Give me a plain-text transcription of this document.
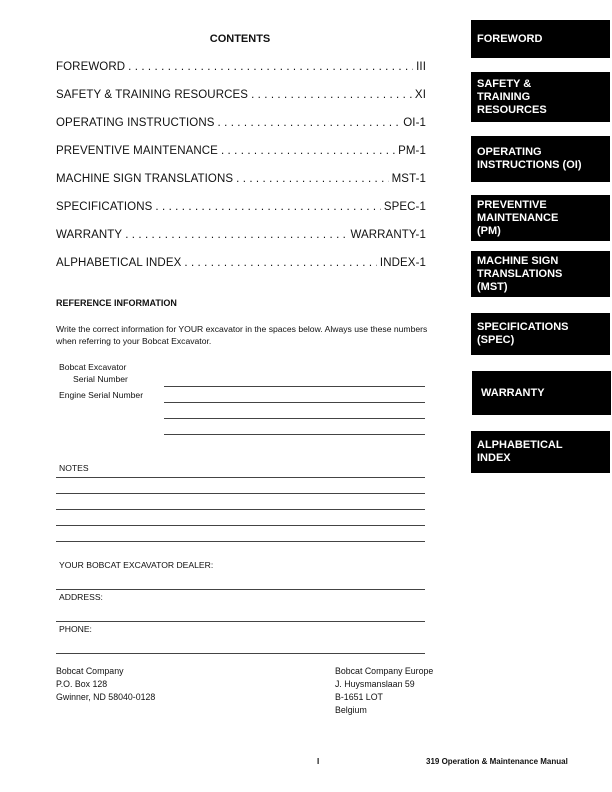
CONTENTS
FOREWORD . . .	III
SAFETY & TRAINING RESOURCES . . .	XI
OPERATING INSTRUCTIONS . . .	OI-1
PREVENTIVE MAINTENANCE . . .	PM-1
MACHINE SIGN TRANSLATIONS . . .	MST-1
SPECIFICATIONS . . .	SPEC-1
WARRANTY . . .	WARRANTY-1
ALPHABETICAL INDEX . . .	INDEX-1
REFERENCE INFORMATION
Write the correct information for YOUR excavator in the spaces below. Always use these numbers when referring to your Bobcat Excavator.
Bobcat Excavator
Serial Number
Engine Serial Number
NOTES
YOUR BOBCAT EXCAVATOR DEALER:
ADDRESS:
PHONE:
Bobcat Company
P.O. Box 128
Gwinner, ND 58040-0128
Bobcat Company Europe
J. Huysmanslaan 59
B-1651 LOT
Belgium
I	319 Operation & Maintenance Manual
FOREWORD
SAFETY & TRAINING RESOURCES
OPERATING INSTRUCTIONS (OI)
PREVENTIVE MAINTENANCE (PM)
MACHINE SIGN TRANSLATIONS (MST)
SPECIFICATIONS (SPEC)
WARRANTY
ALPHABETICAL INDEX
